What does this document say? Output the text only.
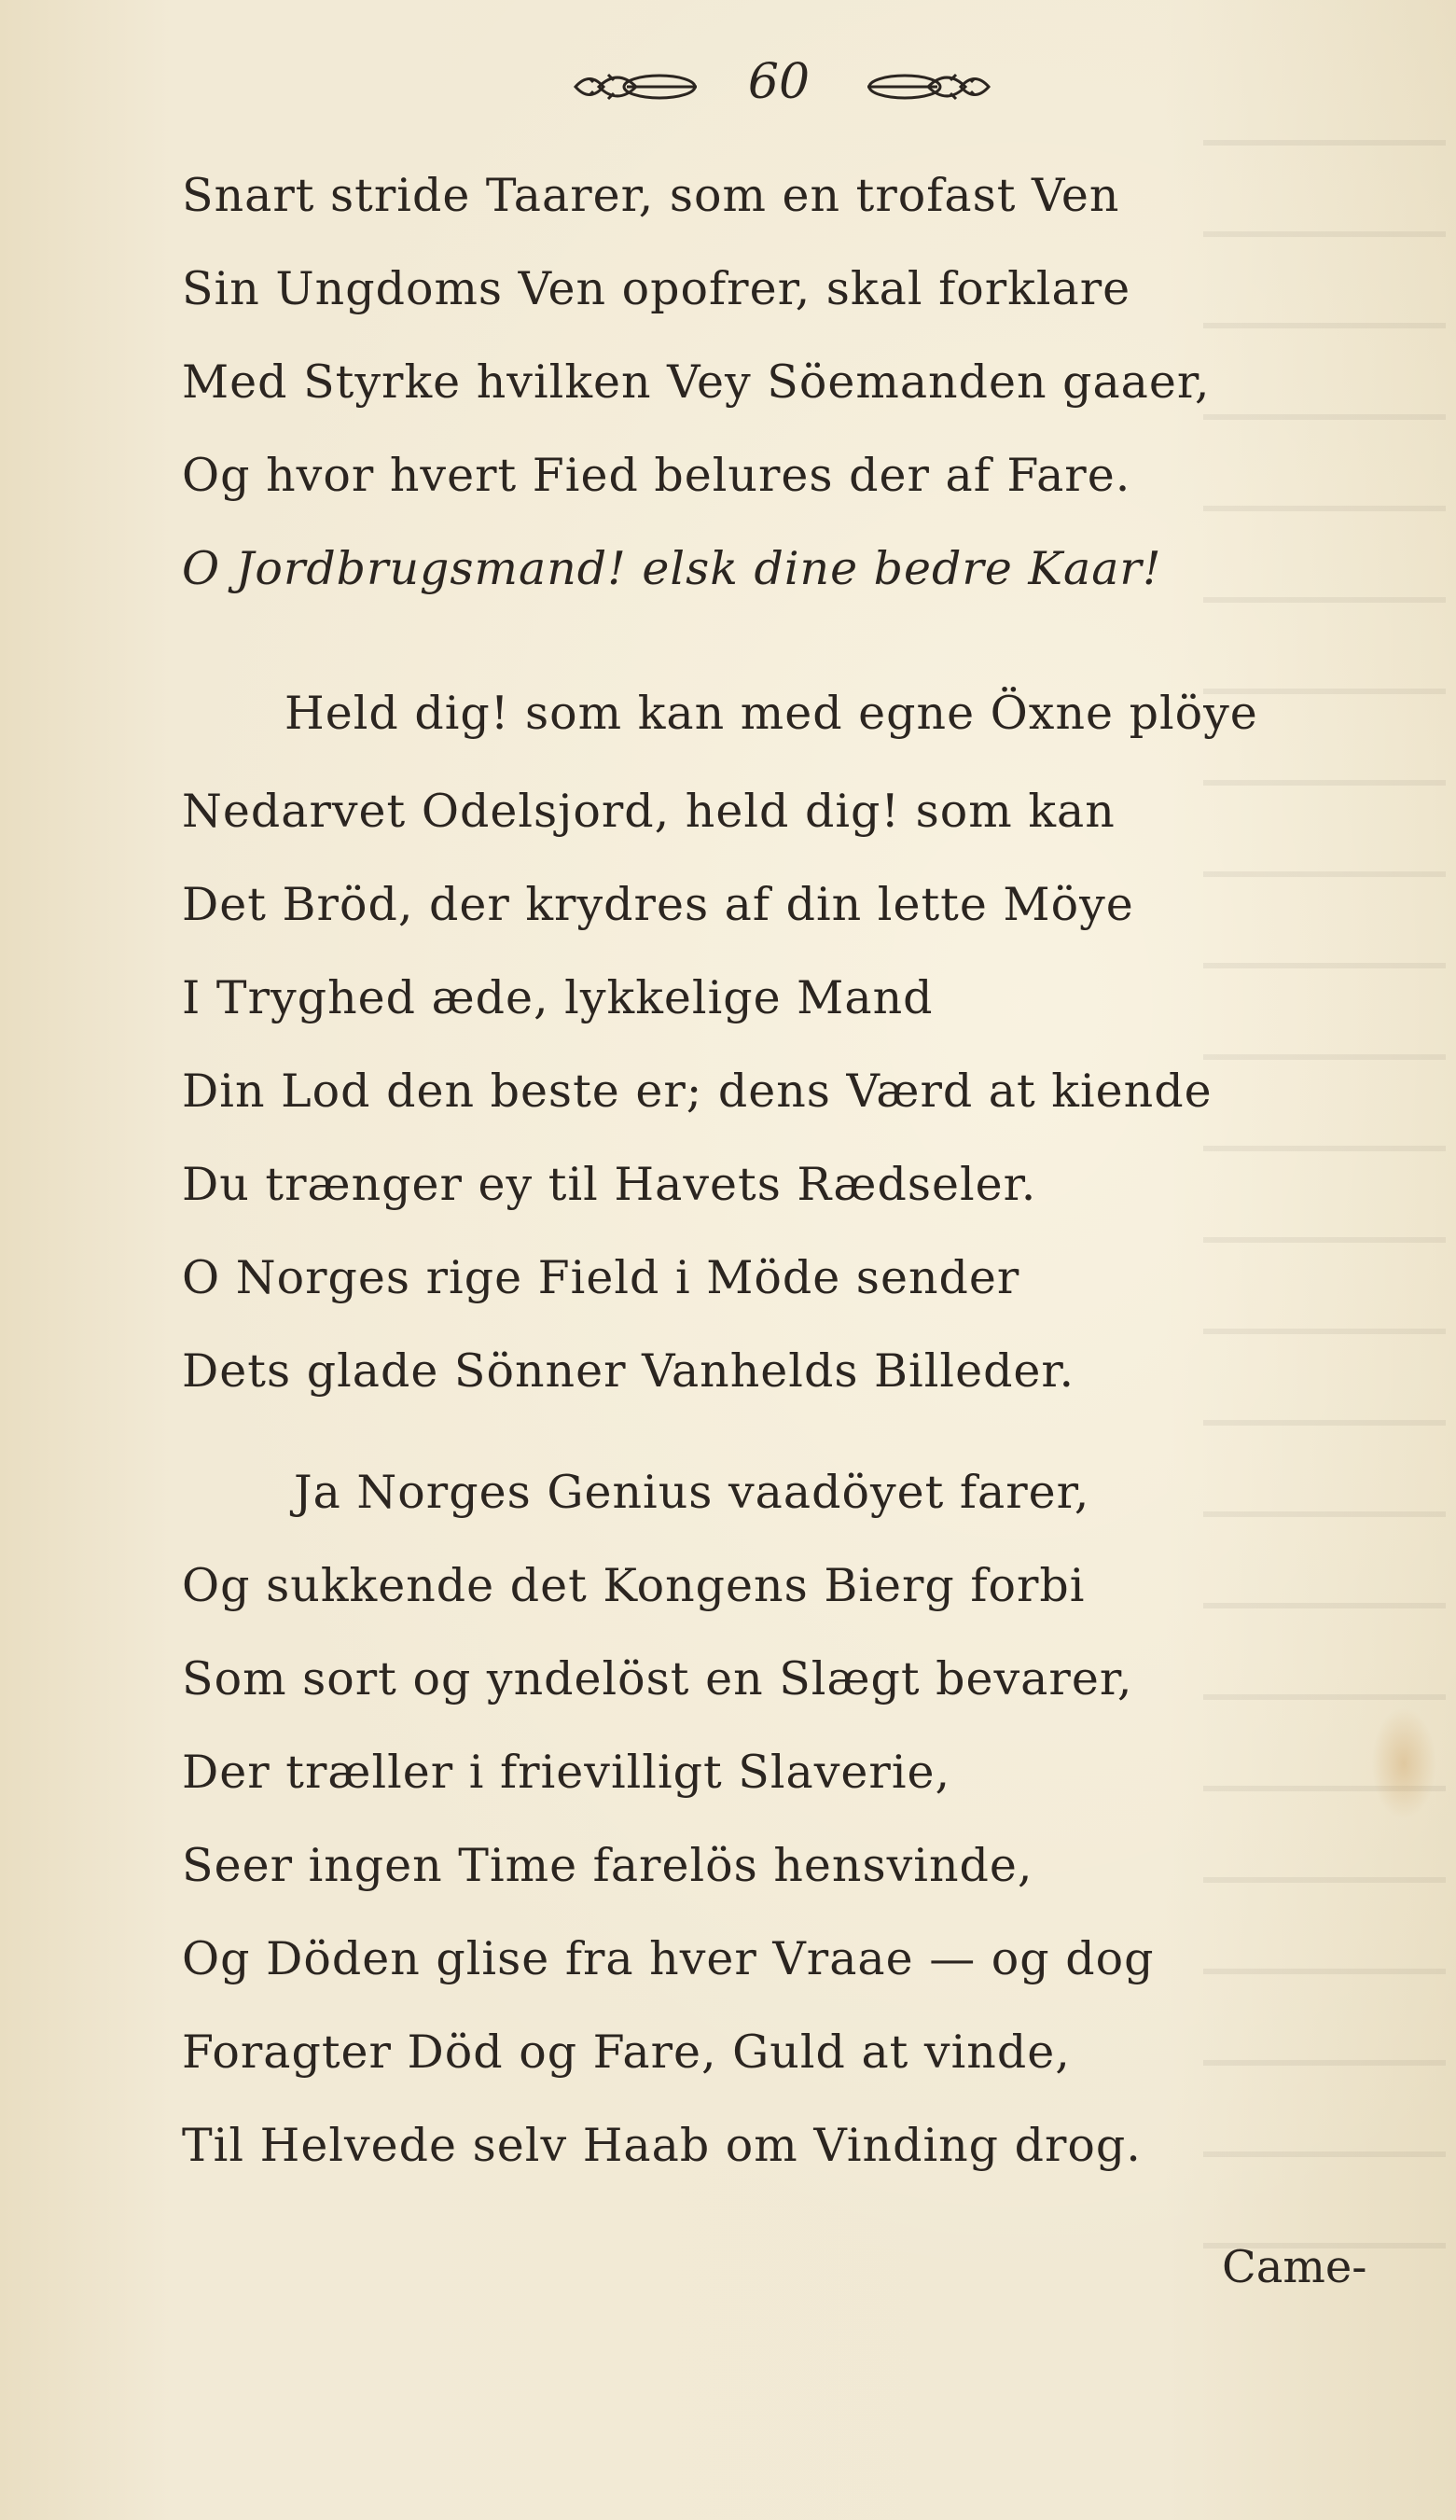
60
Snart stride Taarer, som en trofast Ven
Sin Ungdoms Ven opofrer, skal forklare
Med Styrke hvilken Vey Söemanden gaaer,
Og hvor hvert Fied belures der af Fare.
O Jordbrugsmand! elsk dine bedre Kaar!
Held dig! som kan med egne Öxne plöye
Nedarvet Odelsjord, held dig! som kan
Det Bröd, der krydres af din lette Möye
I Tryghed æde, lykkelige Mand
Din Lod den beste er; dens Værd at kiende
Du trænger ey til Havets Rædseler.
O Norges rige Field i Möde sender
Dets glade Sönner Vanhelds Billeder.
Ja Norges Genius vaadöyet farer,
Og sukkende det Kongens Bierg forbi
Som sort og yndelöst en Slægt bevarer,
Der træller i frievilligt Slaverie,
Seer ingen Time farelös hensvinde,
Og Döden glise fra hver Vraae — og dog
Foragter Död og Fare, Guld at vinde,
Til Helvede selv Haab om Vinding drog.
Came-
